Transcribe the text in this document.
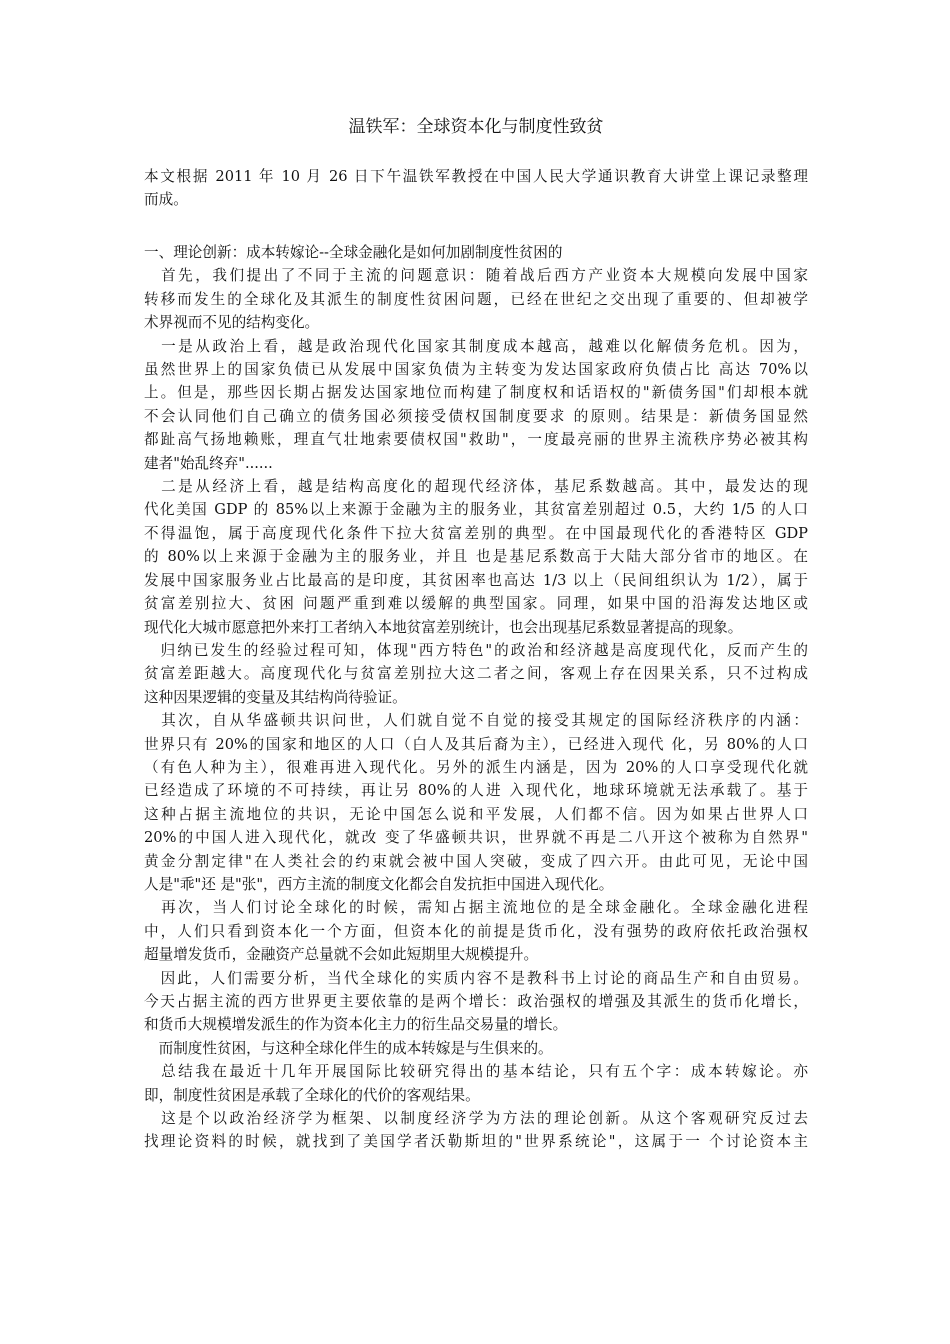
温铁军：全球资本化与制度性致贫
本文根据 2011 年 10 月 26 日下午温铁军教授在中国人民大学通识教育大讲堂上课记录整理
而成。
一、理论创新：成本转嫁论--全球金融化是如何加剧制度性贫困的
　首先，我们提出了不同于主流的问题意识：随着战后西方产业资本大规模向发展中国家
转移而发生的全球化及其派生的制度性贫困问题，已经在世纪之交出现了重要的、但却被学
术界视而不见的结构变化。
　一是从政治上看，越是政治现代化国家其制度成本越高，越难以化解债务危机。因为，
虽然世界上的国家负债已从发展中国家负债为主转变为发达国家政府负债占比 高达 70%以
上。但是，那些因长期占据发达国家地位而构建了制度权和话语权的"新债务国"们却根本就
不会认同他们自己确立的债务国必须接受债权国制度要求 的原则。结果是：新债务国显然
都趾高气扬地赖账，理直气壮地索要债权国"救助"，一度最亮丽的世界主流秩序势必被其构
建者"始乱终弃"......
　二是从经济上看，越是结构高度化的超现代经济体，基尼系数越高。其中，最发达的现
代化美国 GDP 的 85%以上来源于金融为主的服务业，其贫富差别超过 0.5，大约 1/5 的人口
不得温饱，属于高度现代化条件下拉大贫富差别的典型。在中国最现代化的香港特区 GDP
的 80%以上来源于金融为主的服务业，并且 也是基尼系数高于大陆大部分省市的地区。在
发展中国家服务业占比最高的是印度，其贫困率也高达 1/3 以上（民间组织认为 1/2），属于
贫富差别拉大、贫困 问题严重到难以缓解的典型国家。同理，如果中国的沿海发达地区或
现代化大城市愿意把外来打工者纳入本地贫富差别统计，也会出现基尼系数显著提高的现象。
　归纳已发生的经验过程可知，体现"西方特色"的政治和经济越是高度现代化，反而产生的
贫富差距越大。高度现代化与贫富差别拉大这二者之间，客观上存在因果关系，只不过构成
这种因果逻辑的变量及其结构尚待验证。
　其次，自从华盛顿共识问世，人们就自觉不自觉的接受其规定的国际经济秩序的内涵：
世界只有 20%的国家和地区的人口（白人及其后裔为主），已经进入现代 化，另 80%的人口
（有色人种为主），很难再进入现代化。另外的派生内涵是，因为 20%的人口享受现代化就
已经造成了环境的不可持续，再让另 80%的人进 入现代化，地球环境就无法承载了。基于
这种占据主流地位的共识，无论中国怎么说和平发展，人们都不信。因为如果占世界人口
20%的中国人进入现代化，就改 变了华盛顿共识，世界就不再是二八开这个被称为自然界"
黄金分割定律"在人类社会的约束就会被中国人突破，变成了四六开。由此可见，无论中国
人是"乖"还 是"张"，西方主流的制度文化都会自发抗拒中国进入现代化。
　再次，当人们讨论全球化的时候，需知占据主流地位的是全球金融化。全球金融化进程
中，人们只看到资本化一个方面，但资本化的前提是货币化，没有强势的政府依托政治强权
超量增发货币，金融资产总量就不会如此短期里大规模提升。
　因此，人们需要分析，当代全球化的实质内容不是教科书上讨论的商品生产和自由贸易。
今天占据主流的西方世界更主要依靠的是两个增长：政治强权的增强及其派生的货币化增长，
和货币大规模增发派生的作为资本化主力的衍生品交易量的增长。
　而制度性贫困，与这种全球化伴生的成本转嫁是与生俱来的。
　总结我在最近十几年开展国际比较研究得出的基本结论，只有五个字：成本转嫁论。亦
即，制度性贫困是承载了全球化的代价的客观结果。
　这是个以政治经济学为框架、以制度经济学为方法的理论创新。从这个客观研究反过去
找理论资料的时候，就找到了美国学者沃勒斯坦的"世界系统论"，这属于一 个讨论资本主
